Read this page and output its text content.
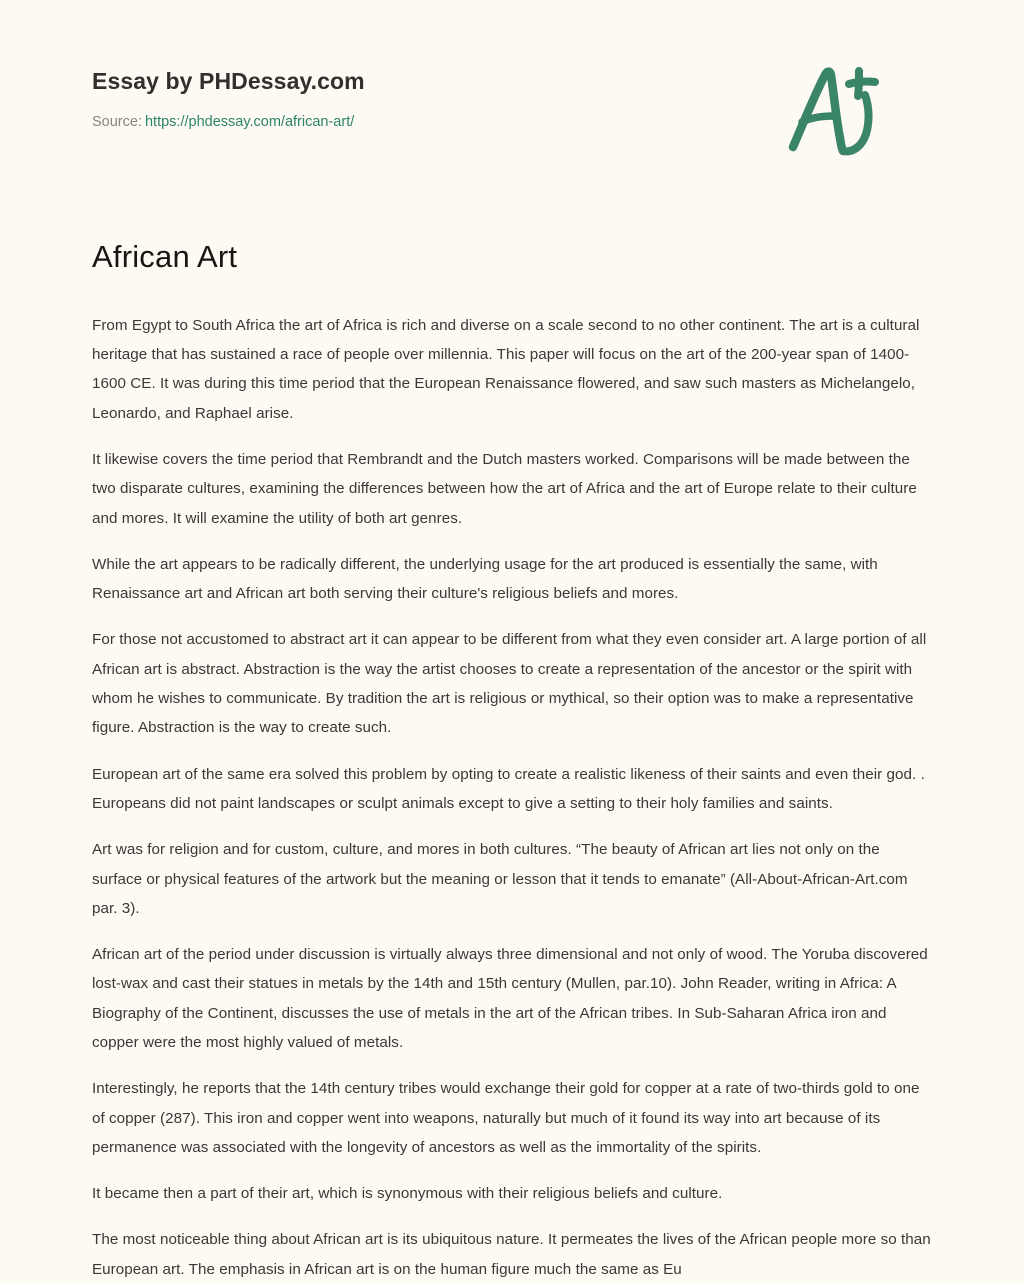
Essay by PHDessay.com
Source: https://phdessay.com/african-art/
African Art

From Egypt to South Africa the art of Africa is rich and diverse on a scale second to no other continent. The art is a cultural heritage that has sustained a race of people over millennia. This paper will focus on the art of the 200-year span of 1400-1600 CE. It was during this time period that the European Renaissance flowered, and saw such masters as Michelangelo, Leonardo, and Raphael arise.

It likewise covers the time period that Rembrandt and the Dutch masters worked. Comparisons will be made between the two disparate cultures, examining the differences between how the art of Africa and the art of Europe relate to their culture and mores. It will examine the utility of both art genres.

While the art appears to be radically different, the underlying usage for the art produced is essentially the same, with Renaissance art and African art both serving their culture's religious beliefs and mores.

For those not accustomed to abstract art it can appear to be different from what they even consider art. A large portion of all African art is abstract. Abstraction is the way the artist chooses to create a representation of the ancestor or the spirit with whom he wishes to communicate. By tradition the art is religious or mythical, so their option was to make a representative figure. Abstraction is the way to create such.

European art of the same era solved this problem by opting to create a realistic likeness of their saints and even their god. . Europeans did not paint landscapes or sculpt animals except to give a setting to their holy families and saints.

Art was for religion and for custom, culture, and mores in both cultures. “The beauty of African art lies not only on the surface or physical features of the artwork but the meaning or lesson that it tends to emanate” (All-About-African-Art.com par. 3).

African art of the period under discussion is virtually always three dimensional and not only of wood. The Yoruba discovered lost-wax and cast their statues in metals by the 14th and 15th century (Mullen, par.10). John Reader, writing in Africa: A Biography of the Continent, discusses the use of metals in the art of the African tribes. In Sub-Saharan Africa iron and copper were the most highly valued of metals.

Interestingly, he reports that the 14th century tribes would exchange their gold for copper at a rate of two-thirds gold to one of copper (287). This iron and copper went into weapons, naturally but much of it found its way into art because of its permanence was associated with the longevity of ancestors as well as the immortality of the spirits.

It became then a part of their art, which is synonymous with their religious beliefs and culture.

The most noticeable thing about African art is its ubiquitous nature. It permeates the lives of the African people more so than European art. The emphasis in African art is on the human figure much the same as Eu
